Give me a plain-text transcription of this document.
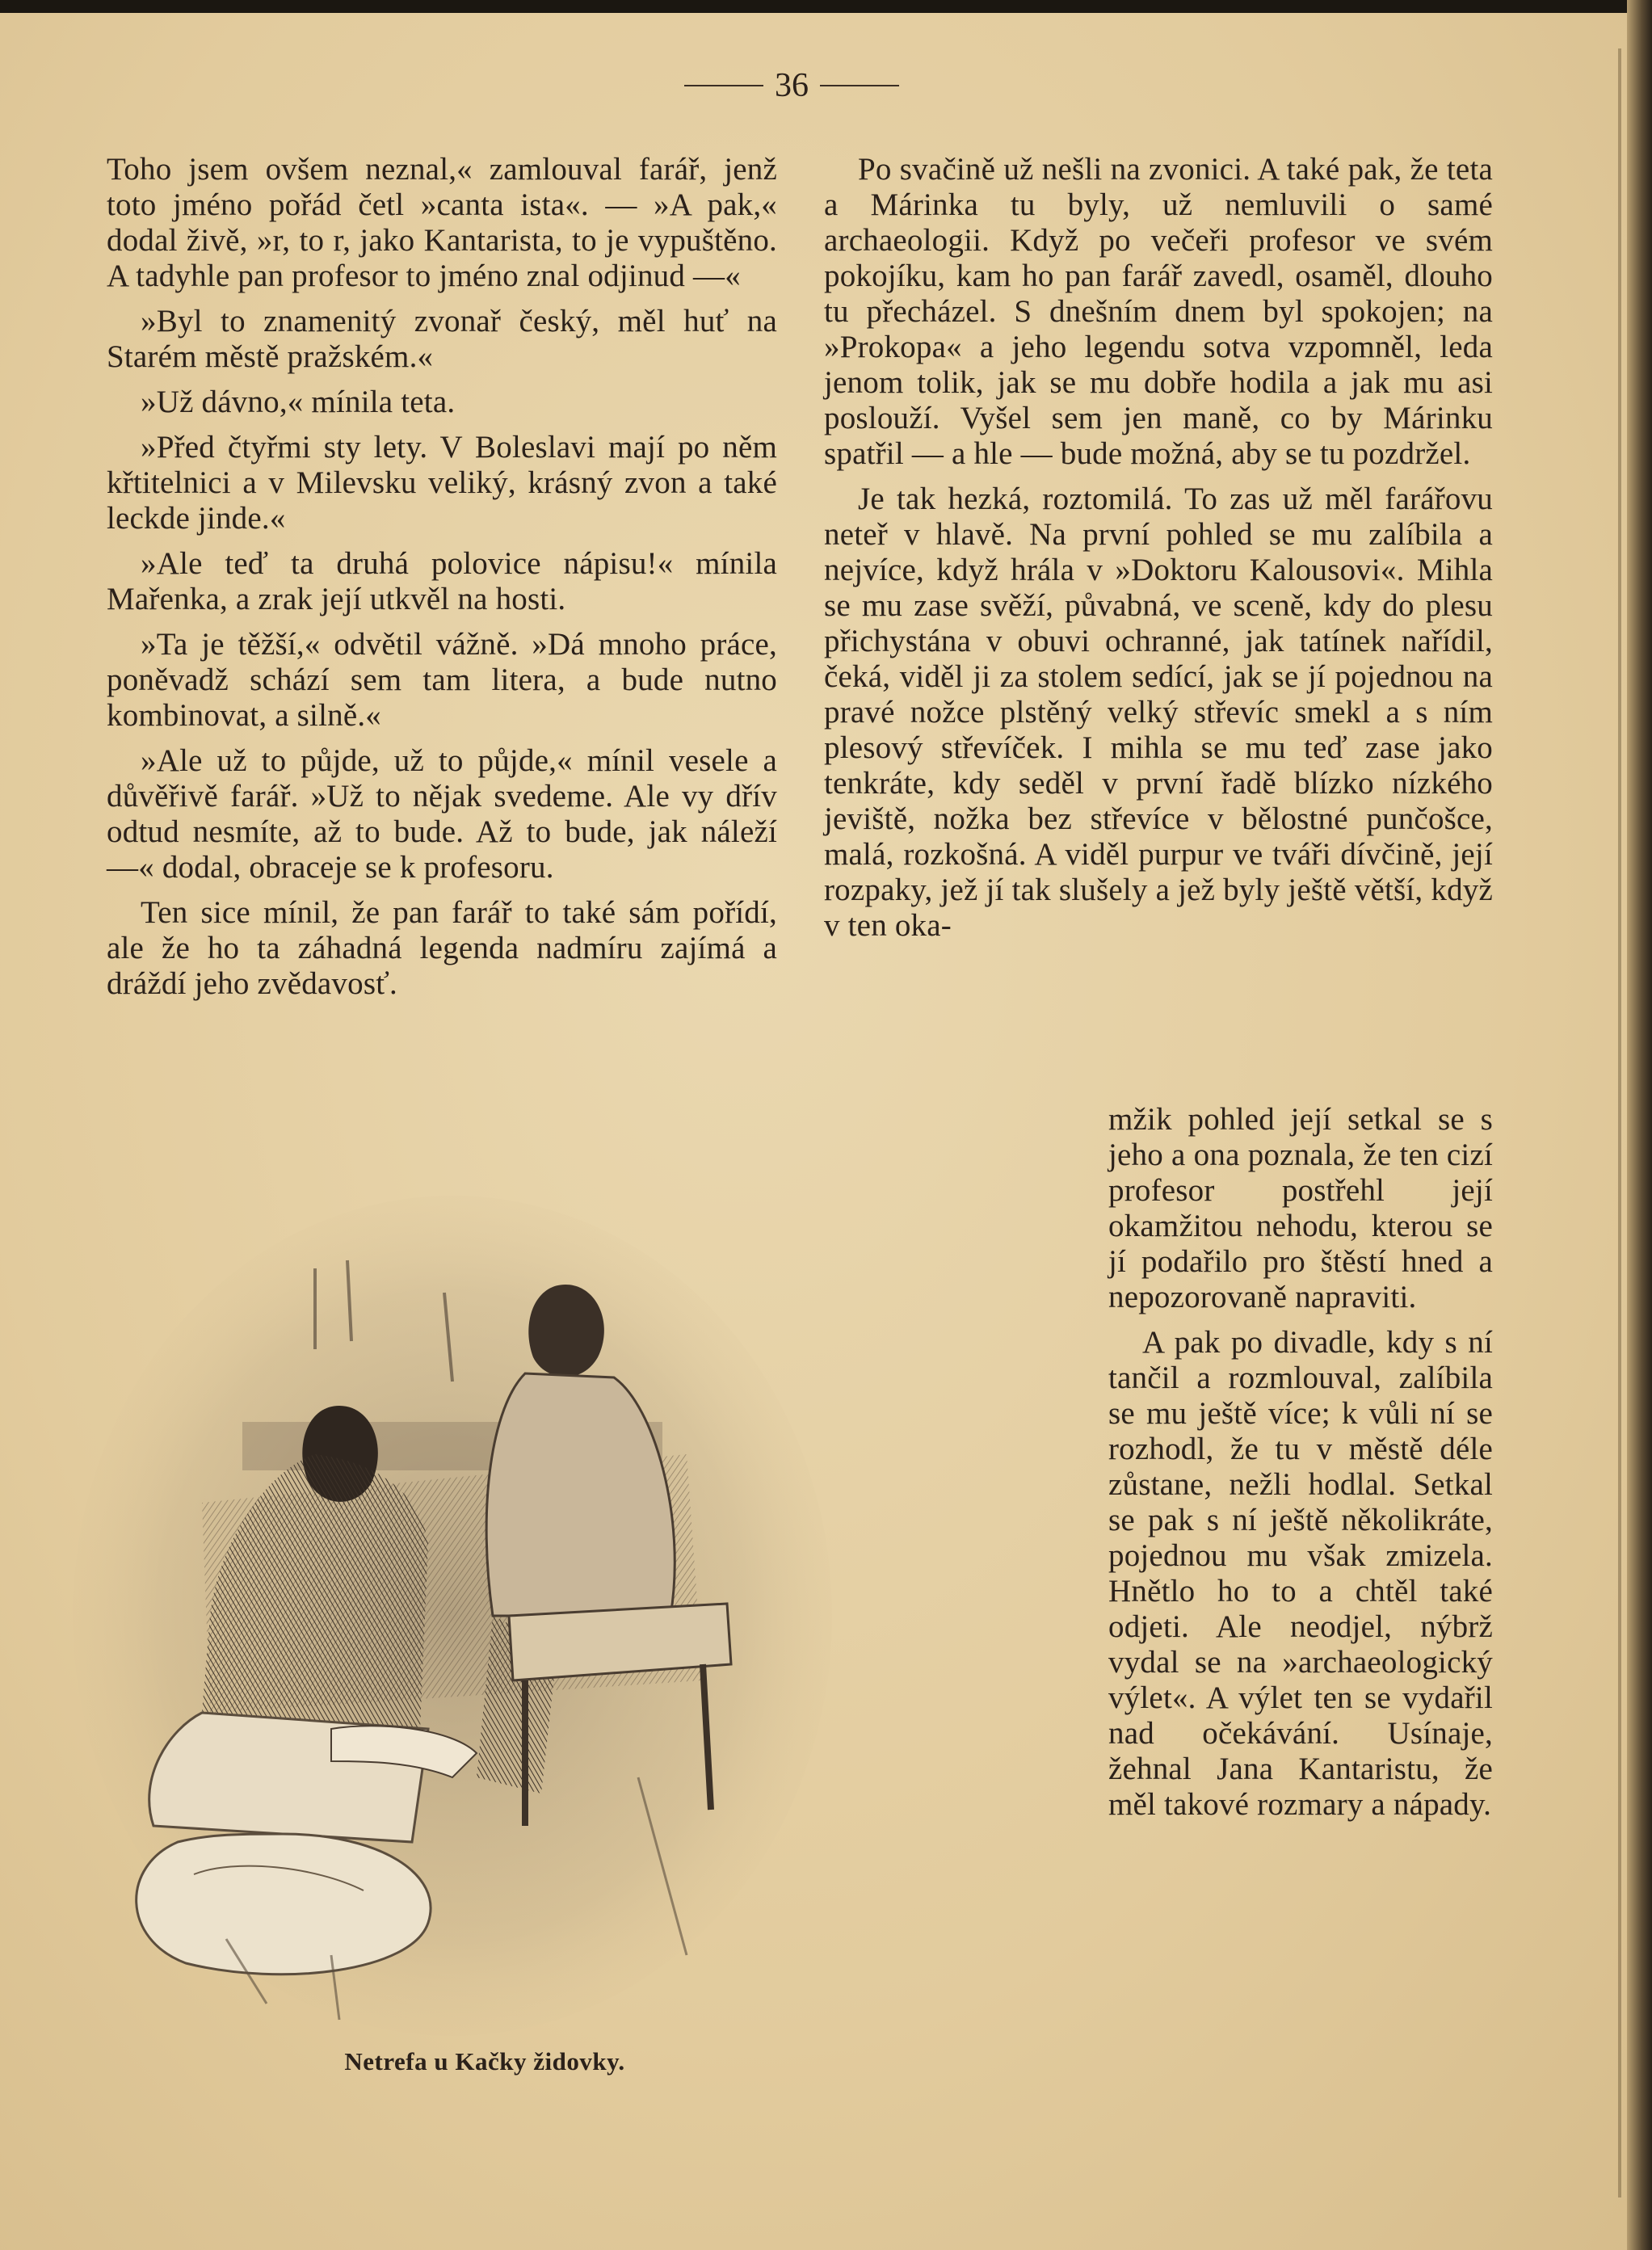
36

Toho jsem ovšem neznal,« zamlouval farář, jenž toto jméno pořád četl »canta ista«. — »A pak,« dodal živě, »r, to r, jako Kantarista, to je vypuštěno. A tadyhle pan profesor to jméno znal odjinud —«

»Byl to znamenitý zvonař český, měl huť na Starém městě pražském.«

»Už dávno,« mínila teta.

»Před čtyřmi sty lety. V Boleslavi mají po něm křtitelnici a v Milevsku veliký, krásný zvon a také leckde jinde.«

»Ale teď ta druhá polovice nápisu!« mínila Mařenka, a zrak její utkvěl na hosti.

»Ta je těžší,« odvětil vážně. »Dá mnoho práce, poněvadž schází sem tam litera, a bude nutno kombinovat, a silně.«

»Ale už to půjde, už to půjde,« mínil vesele a důvěřivě farář. »Už to nějak svedeme. Ale vy dřív odtud nesmíte, až to bude. Až to bude, jak náleží —« dodal, obraceje se k profesoru.

Ten sice mínil, že pan farář to také sám pořídí, ale že ho ta záhadná legenda nadmíru zajímá a dráždí jeho zvědavosť.

Po svačině už nešli na zvonici. A také pak, že teta a Márinka tu byly, už nemluvili o samé archaeologii. Když po večeři profesor ve svém pokojíku, kam ho pan farář zavedl, osaměl, dlouho tu přecházel. S dnešním dnem byl spokojen; na »Prokopa« a jeho legendu sotva vzpomněl, leda jenom tolik, jak se mu dobře hodila a jak mu asi poslouží. Vyšel sem jen maně, co by Márinku spatřil — a hle — bude možná, aby se tu pozdržel.

Je tak hezká, roztomilá. To zas už měl farářovu neteř v hlavě. Na první pohled se mu zalíbila a nejvíce, když hrála v »Doktoru Kalousovi«. Mihla se mu zase svěží, půvabná, ve sceně, kdy do plesu přichystána v obuvi ochranné, jak tatínek nařídil, čeká, viděl ji za stolem sedící, jak se jí pojednou na pravé nožce plstěný velký střevíc smekl a s ním plesový střevíček. I mihla se mu teď zase jako tenkráte, kdy seděl v první řadě blízko nízkého jeviště, nožka bez střevíce v bělostné punčošce, malá, rozkošná. A viděl purpur ve tváři dívčině, její rozpaky, jež jí tak slušely a jež byly ještě větší, když v ten oka-

mžik pohled její setkal se s jeho a ona poznala, že ten cizí profesor postřehl její okamžitou nehodu, kterou se jí podařilo pro štěstí hned a nepozorovaně napraviti.

A pak po divadle, kdy s ní tančil a rozmlouval, zalíbila se mu ještě více; k vůli ní se rozhodl, že tu v městě déle zůstane, nežli hodlal. Setkal se pak s ní ještě několikráte, pojednou mu však zmizela. Hnětlo ho to a chtěl také odjeti. Ale neodjel, nýbrž vydal se na »archaeologický výlet«. A výlet ten se vydařil nad očekávání. Usínaje, žehnal Jana Kantaristu, že měl takové rozmary a nápady.

Netrefa u Kačky židovky.
